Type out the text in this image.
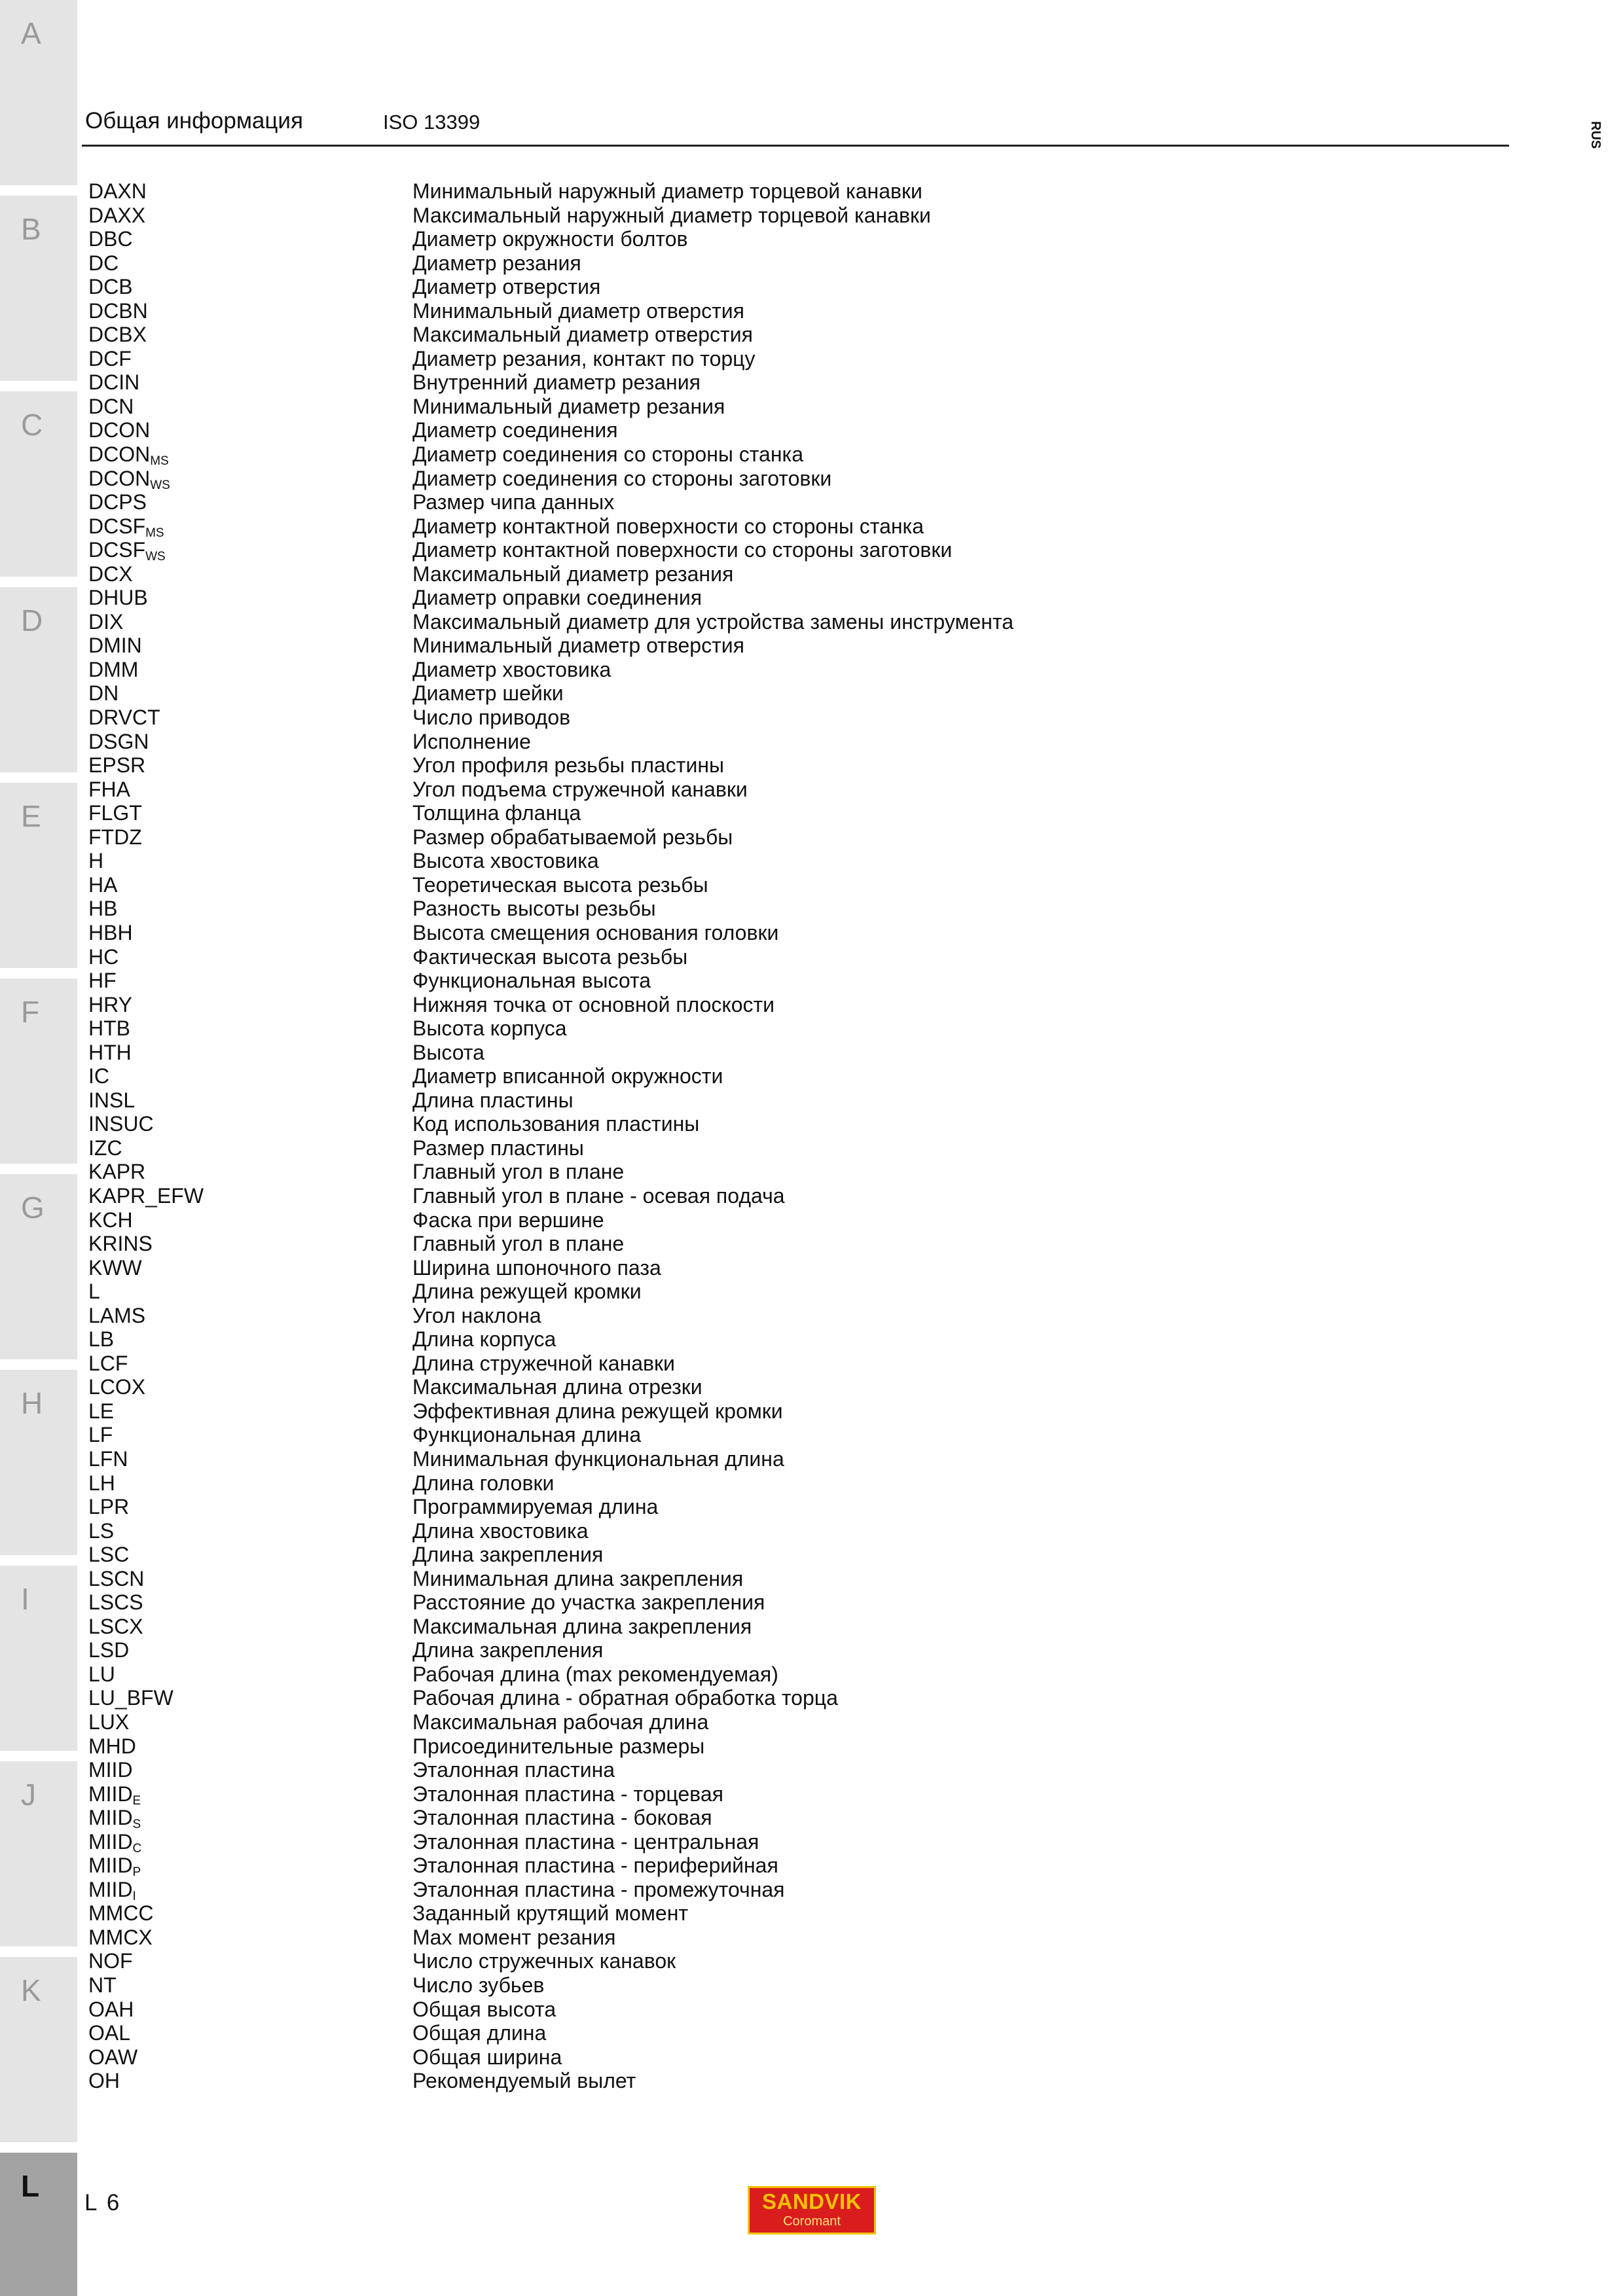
A
B
C
D
E
F
G
H
I
J
K
L
Общая информация	ISO 13399	RUS
DAXN	Минимальный наружный диаметр торцевой канавки
DAXX	Максимальный наружный диаметр торцевой канавки
DBC	Диаметр окружности болтов
DC	Диаметр резания
DCB	Диаметр отверстия
DCBN	Минимальный диаметр отверстия
DCBX	Максимальный диаметр отверстия
DCF	Диаметр резания, контакт по торцу
DCIN	Внутренний диаметр резания
DCN	Минимальный диаметр резания
DCON	Диаметр соединения
$DCON_{MS}$	Диаметр соединения со стороны станка
$DCON_{WS}$	Диаметр соединения со стороны заготовки
DCPS	Размер чипа данных
$DCSF_{MS}$	Диаметр контактной поверхности со стороны станка
$DCSF_{WS}$	Диаметр контактной поверхности со стороны заготовки
DCX	Максимальный диаметр резания
DHUB	Диаметр оправки соединения
DIX	Максимальный диаметр для устройства замены инструмента
DMIN	Минимальный диаметр отверстия
DMM	Диаметр хвостовика
DN	Диаметр шейки
DRVCT	Число приводов
DSGN	Исполнение
EPSR	Угол профиля резьбы пластины
FHA	Угол подъема стружечной канавки
FLGT	Толщина фланца
FTDZ	Размер обрабатываемой резьбы
H	Высота хвостовика
HA	Теоретическая высота резьбы
HB	Разность высоты резьбы
HBH	Высота смещения основания головки
HC	Фактическая высота резьбы
HF	Функциональная высота
HRY	Нижняя точка от основной плоскости
HTB	Высота корпуса
HTH	Высота
IC	Диаметр вписанной окружности
INSL	Длина пластины
INSUC	Код использования пластины
IZC	Размер пластины
KAPR	Главный угол в плане
KAPR_EFW	Главный угол в плане - осевая подача
KCH	Фаска при вершине
KRINS	Главный угол в плане
KWW	Ширина шпоночного паза
L	Длина режущей кромки
LAMS	Угол наклона
LB	Длина корпуса
LCF	Длина стружечной канавки
LCOX	Максимальная длина отрезки
LE	Эффективная длина режущей кромки
LF	Функциональная длина
LFN	Минимальная функциональная длина
LH	Длина головки
LPR	Программируемая длина
LS	Длина хвостовика
LSC	Длина закрепления
LSCN	Минимальная длина закрепления
LSCS	Расстояние до участка закрепления
LSCX	Максимальная длина закрепления
LSD	Длина закрепления
LU	Рабочая длина (max рекомендуемая)
LU_BFW	Рабочая длина - обратная обработка торца
LUX	Максимальная рабочая длина
MHD	Присоединительные размеры
MIID	Эталонная пластина
$MIID_E$	Эталонная пластина - торцевая
$MIID_S$	Эталонная пластина - боковая
$MIID_C$	Эталонная пластина - центральная
$MIID_P$	Эталонная пластина - периферийная
$MIID_I$	Эталонная пластина - промежуточная
MMCC	Заданный крутящий момент
MMCX	Max момент резания
NOF	Число стружечных канавок
NT	Число зубьев
OAH	Общая высота
OAL	Общая длина
OAW	Общая ширина
OH	Рекомендуемый вылет
L 6	SANDVIK
Coromant
